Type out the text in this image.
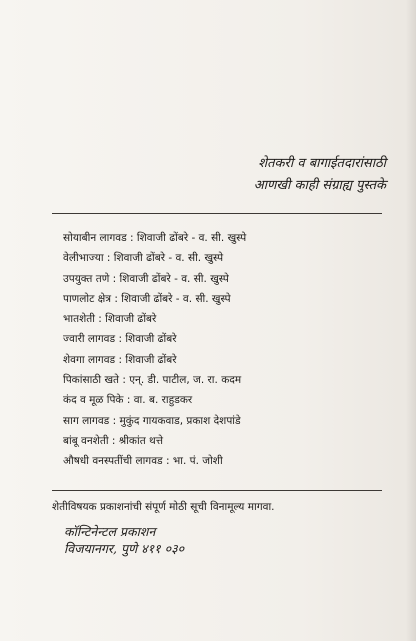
शेतकरी व बागाईतदारांसाठी
आणखी काही संग्राह्य पुस्तके
सोयाबीन लागवड : शिवाजी ढोंबरे - व. सी. खुस्पे
वेलीभाज्या : शिवाजी ढोंबरे - व. सी. खुस्पे
उपयुक्त तणे : शिवाजी ढोंबरे - व. सी. खुस्पे
पाणलोट क्षेत्र : शिवाजी ढोंबरे - व. सी. खुस्पे
भातशेती : शिवाजी ढोंबरे
ज्वारी लागवड : शिवाजी ढोंबरे
शेवगा लागवड : शिवाजी ढोंबरे
पिकांसाठी खते : एन्. डी. पाटील, ज. रा. कदम
कंद व मूळ पिके : वा. ब. राहुडकर
साग लागवड : मुकुंद गायकवाड, प्रकाश देशपांडे
बांबू वनशेती : श्रीकांत थत्ते
औषधी वनस्पतींची लागवड : भा. पं. जोशी
शेतीविषयक प्रकाशनांची संपूर्ण मोठी सूची विनामूल्य मागवा.
कॉन्टिनेन्टल प्रकाशन
विजयानगर, पुणे ४११ ०३०
